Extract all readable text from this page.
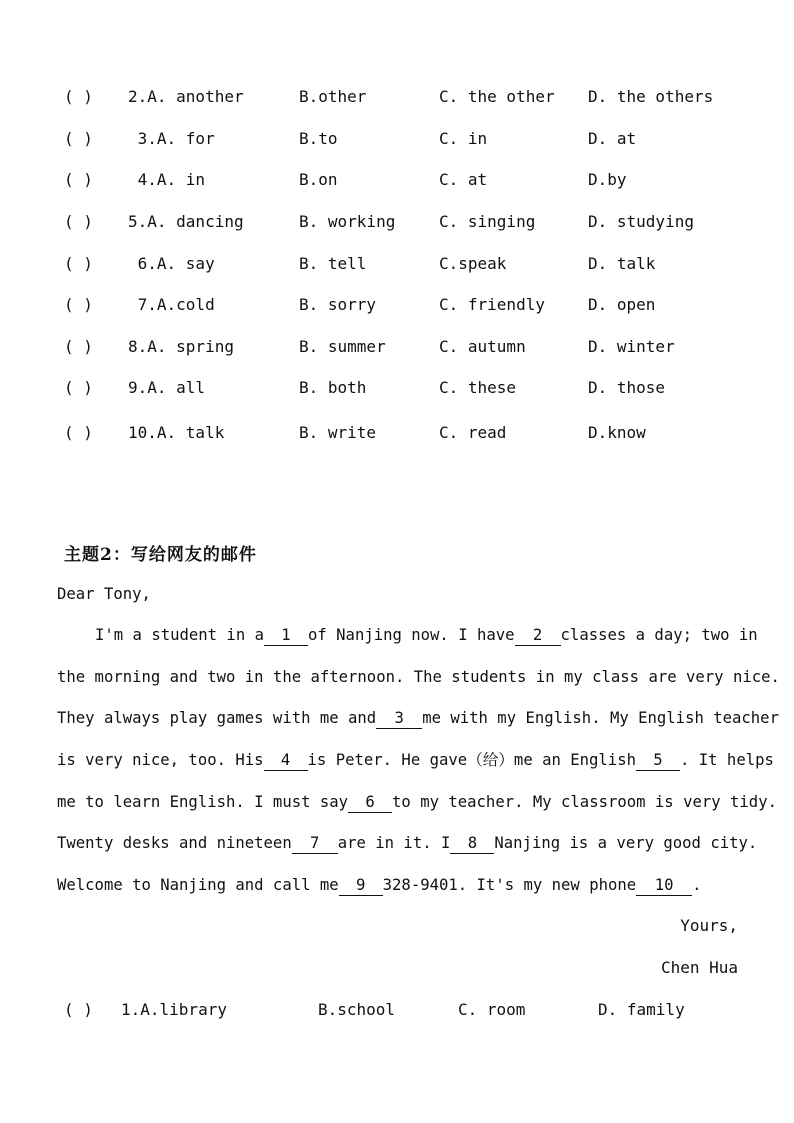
( ) 2.A. another	B.other	C. the other D. the others
( ) 3.A. for	B.to	C. in	D. at
( ) 4.A. in	B.on	C. at	D.by
( ) 5.A. dancing	B. working	C. singing	D. studying
( ) 6.A. say	B. tell	C.speak	D. talk
( ) 7.A.cold	B. sorry	C. friendly	D. open
( ) 8.A. spring	B. summer	C. autumn	D. winter
( ) 9.A. all	B. both	C. these	D. those
( ) 10.A. talk	B. write	C. read	D.know
主题2：写给网友的邮件
Dear Tony,
I'm a student in a 1 of Nanjing now. I have 2 classes a day; two in
the morning and two in the afternoon. The students in my class are very nice.
They always play games with me and 3 me with my English. My English teacher
is very nice, too. His 4 is Peter. He gave（给）me an English 5 . It helps
me to learn English. I must say 6 to my teacher. My classroom is very tidy.
Twenty desks and nineteen 7 are in it. I 8 Nanjing is a very good city.
Welcome to Nanjing and call me 9 328-9401. It's my new phone 10 .
Yours,
Chen Hua
( ) 1.A.library	B.school	C. room	D. family
